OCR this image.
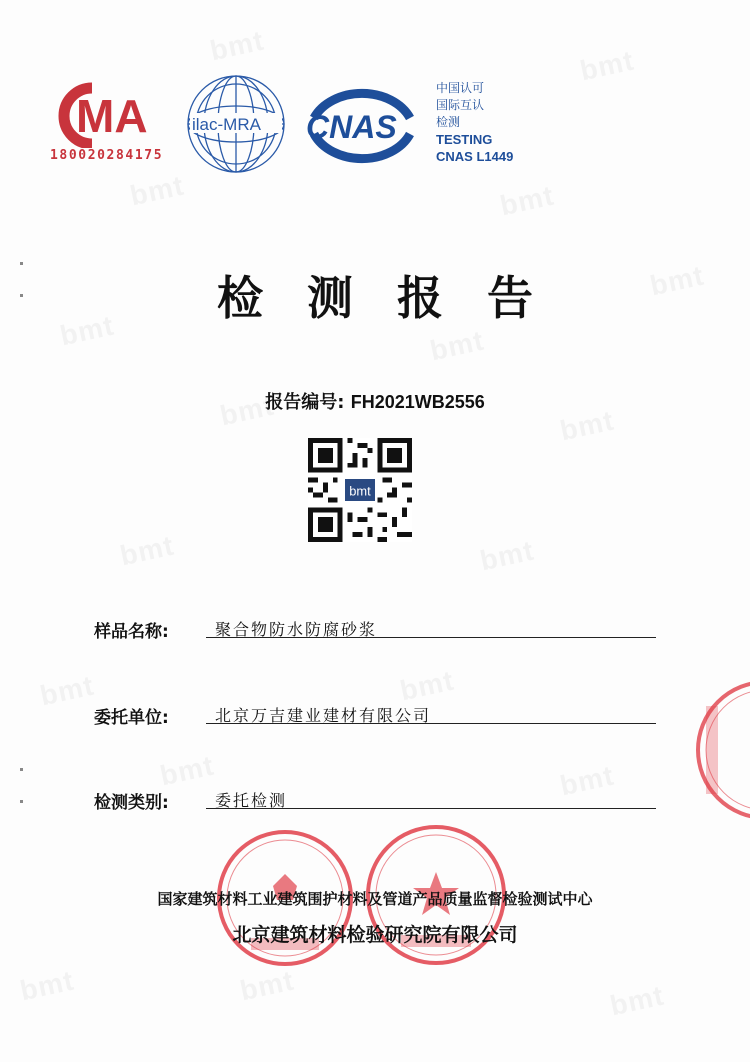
bmt	bmt
bmt	bmt
bmt	bmt
bmt
bmt	bmt
bmt	bmt
bmt	bmt
bmt	bmt
bmt	bmt
bmt
MA
180020284175
ilac-MRA CNAS
中国认可
国际互认
检测
TESTING
CNAS L1449
检测报告
报告编号: FH2021WB2556
bmt
样品名称:	聚合物防水防腐砂浆
委托单位:	北京万吉建业建材有限公司
检测类别:	委托检测
国家建筑材料工业建筑围护材料及管道产品质量监督检验测试中心
北京建筑材料检验研究院有限公司
